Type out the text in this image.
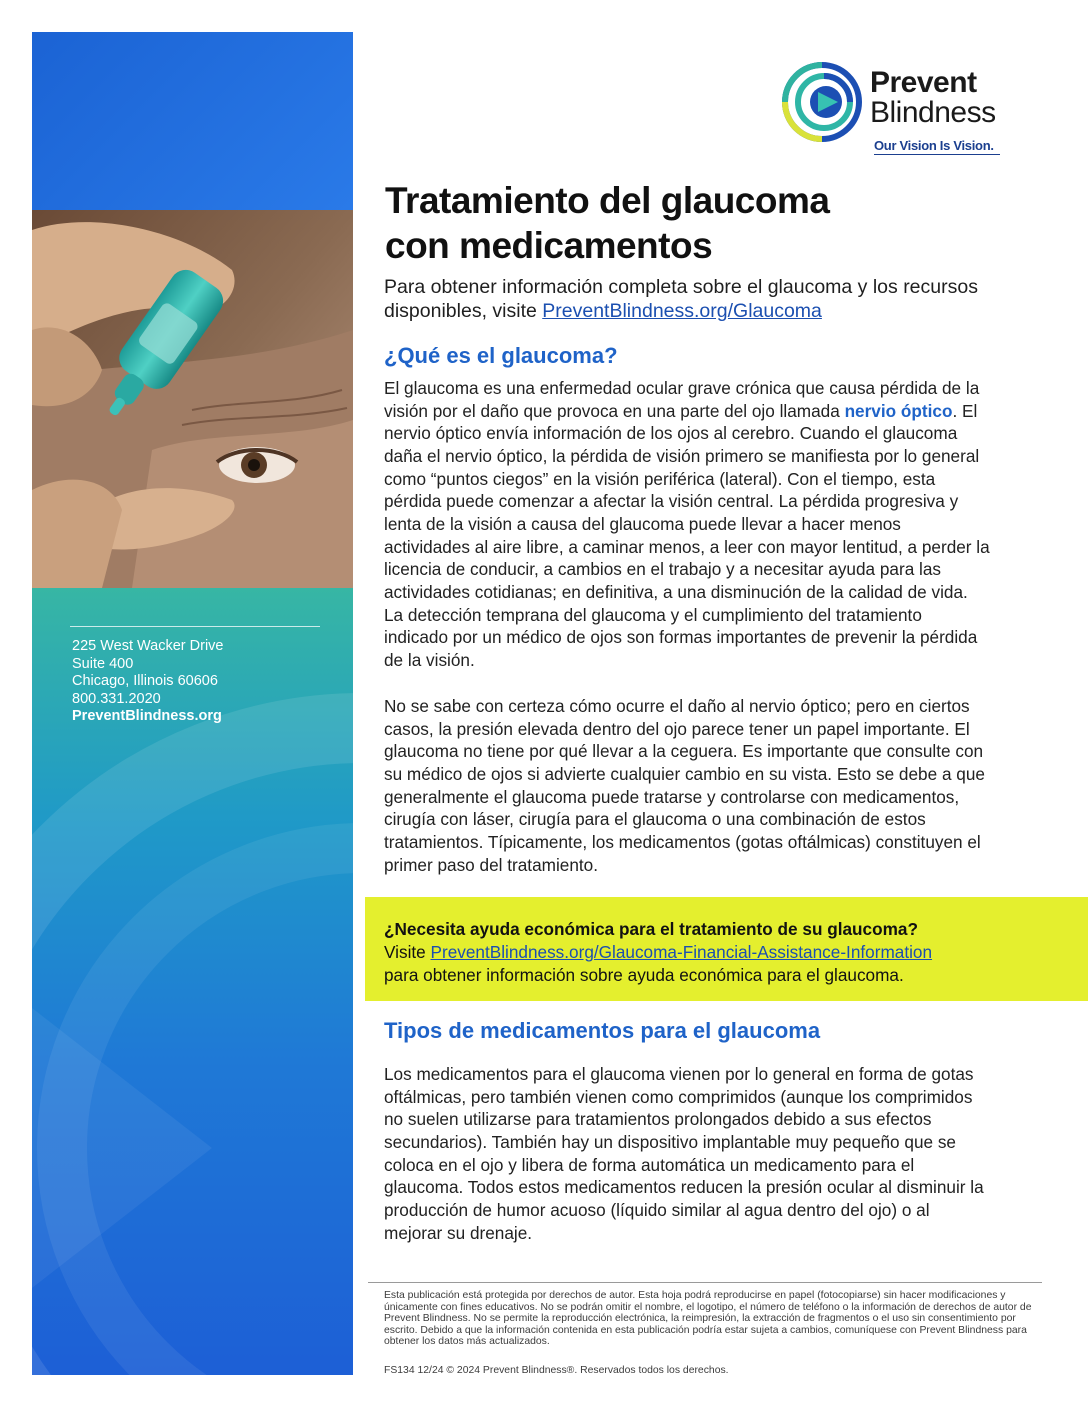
225 West Wacker Drive
Suite 400
Chicago, Illinois 60606
800.331.2020
PreventBlindness.org
Prevent
Blindness
Our Vision Is Vision.
Tratamiento del glaucoma
con medicamentos

Para obtener información completa sobre el glaucoma y los recursos disponibles, visite PreventBlindness.org/Glaucoma

¿Qué es el glaucoma?

El glaucoma es una enfermedad ocular grave crónica que causa pérdida de la visión por el daño que provoca en una parte del ojo llamada nervio óptico. El nervio óptico envía información de los ojos al cerebro. Cuando el glaucoma daña el nervio óptico, la pérdida de visión primero se manifiesta por lo general como “puntos ciegos” en la visión periférica (lateral). Con el tiempo, esta pérdida puede comenzar a afectar la visión central. La pérdida progresiva y lenta de la visión a causa del glaucoma puede llevar a hacer menos actividades al aire libre, a caminar menos, a leer con mayor lentitud, a perder la licencia de conducir, a cambios en el trabajo y a necesitar ayuda para las actividades cotidianas; en definitiva, a una disminución de la calidad de vida. La detección temprana del glaucoma y el cumplimiento del tratamiento indicado por un médico de ojos son formas importantes de prevenir la pérdida de la visión.

No se sabe con certeza cómo ocurre el daño al nervio óptico; pero en ciertos casos, la presión elevada dentro del ojo parece tener un papel importante. El glaucoma no tiene por qué llevar a la ceguera. Es importante que consulte con su médico de ojos si advierte cualquier cambio en su vista. Esto se debe a que generalmente el glaucoma puede tratarse y controlarse con medicamentos, cirugía con láser, cirugía para el glaucoma o una combinación de estos tratamientos. Típicamente, los medicamentos (gotas oftálmicas) constituyen el primer paso del tratamiento.

¿Necesita ayuda económica para el tratamiento de su glaucoma?
Visite PreventBlindness.org/Glaucoma-Financial-Assistance-Information
para obtener información sobre ayuda económica para el glaucoma.
Tipos de medicamentos para el glaucoma

Los medicamentos para el glaucoma vienen por lo general en forma de gotas oftálmicas, pero también vienen como comprimidos (aunque los comprimidos no suelen utilizarse para tratamientos prolongados debido a sus efectos secundarios). También hay un dispositivo implantable muy pequeño que se coloca en el ojo y libera de forma automática un medicamento para el glaucoma. Todos estos medicamentos reducen la presión ocular al disminuir la producción de humor acuoso (líquido similar al agua dentro del ojo) o al mejorar su drenaje.

Esta publicación está protegida por derechos de autor. Esta hoja podrá reproducirse en papel (fotocopiarse) sin hacer modificaciones y únicamente con fines educativos. No se podrán omitir el nombre, el logotipo, el número de teléfono o la información de derechos de autor de Prevent Blindness. No se permite la reproducción electrónica, la reimpresión, la extracción de fragmentos o el uso sin consentimiento por escrito. Debido a que la información contenida en esta publicación podría estar sujeta a cambios, comuníquese con Prevent Blindness para obtener los datos más actualizados.

FS134 12/24 © 2024 Prevent Blindness®. Reservados todos los derechos.
